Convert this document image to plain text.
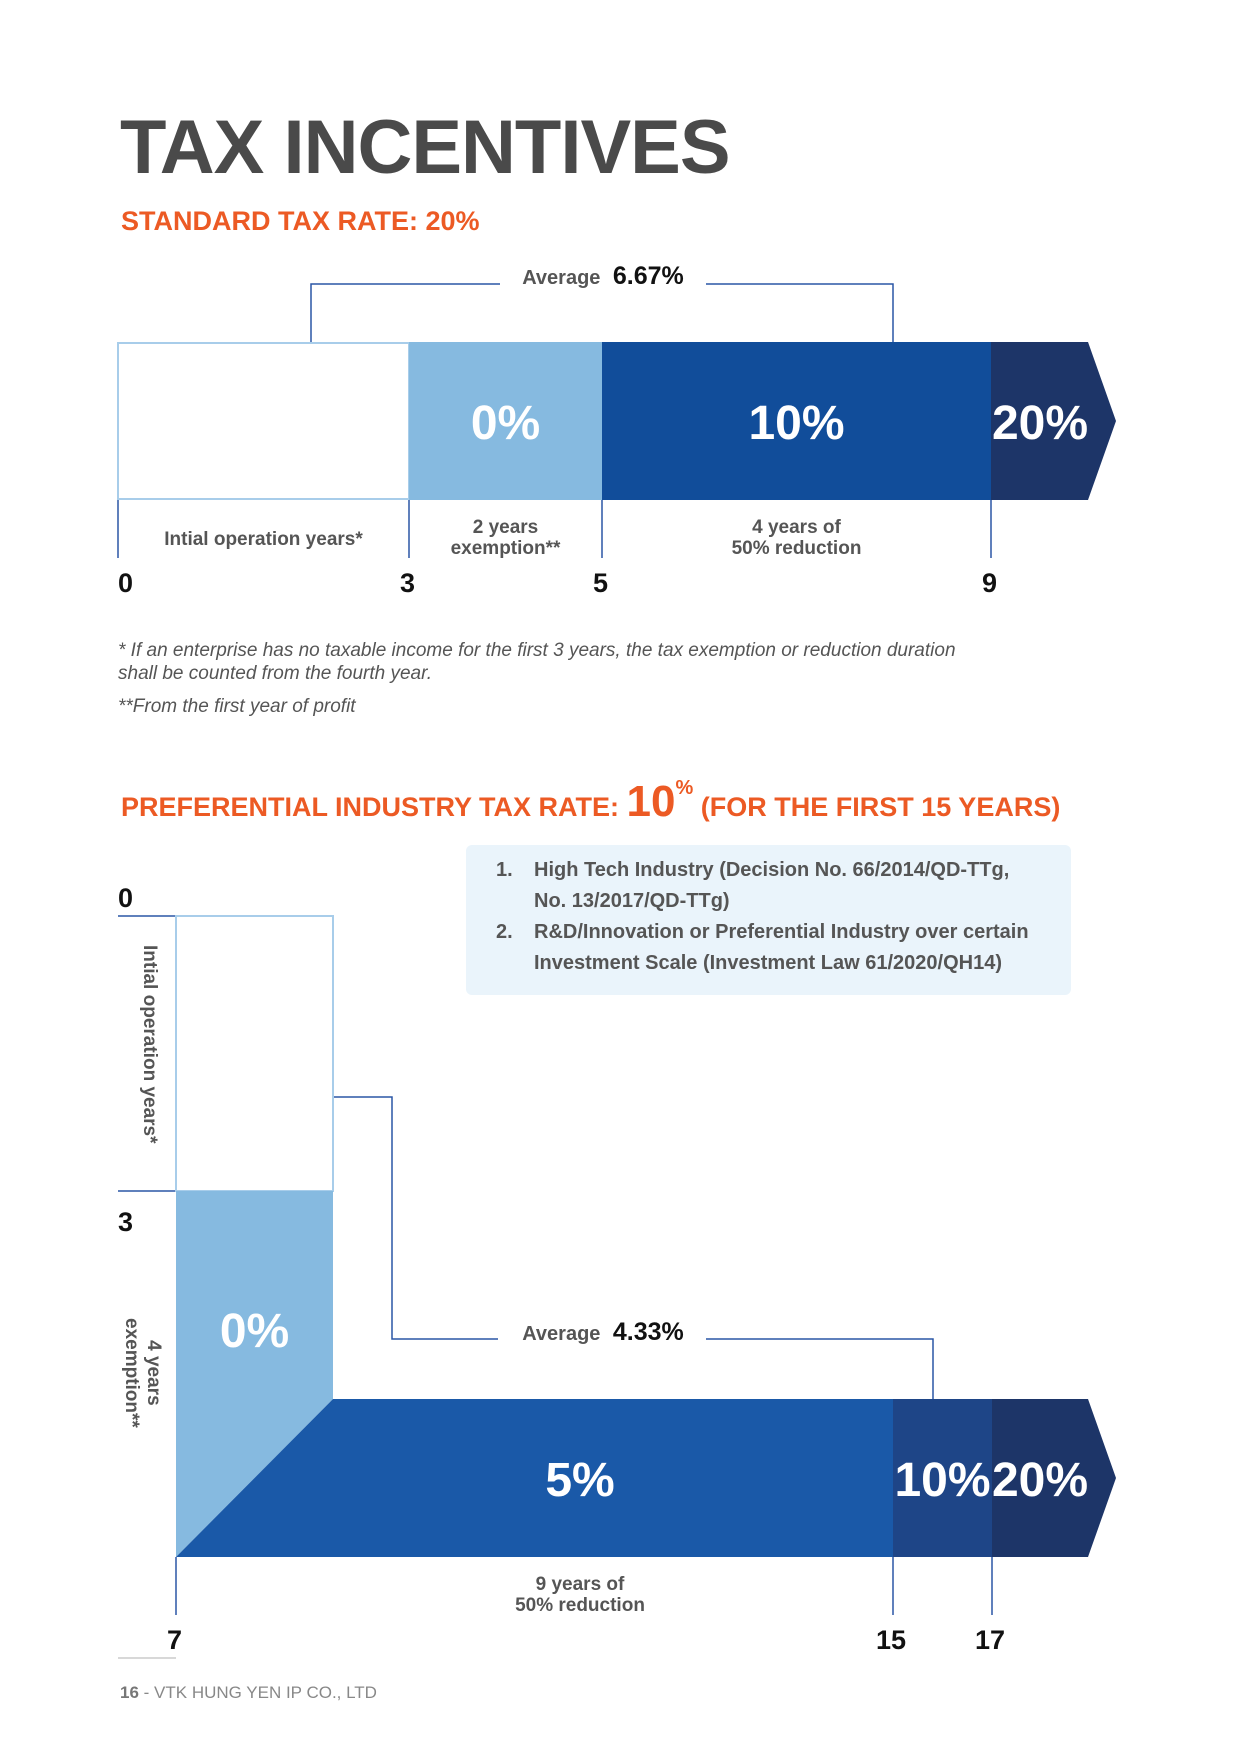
TAX INCENTIVES
STANDARD TAX RATE: 20%
Average 6.67%
0%	10%	20%
Intial operation years*
2 years
exemption**
4 years of
50% reduction
0	3	5	9
* If an enterprise has no taxable income for the first 3 years, the tax exemption or reduction duration
shall be counted from the fourth year.
**From the first year of profit
PREFERENTIAL INDUSTRY TAX RATE: 10% (FOR THE FIRST 15 YEARS)
1. High Tech Industry (Decision No. 66/2014/QD-TTg,
No. 13/2017/QD-TTg)
2. R&D/Innovation or Preferential Industry over certain
Investment Scale (Investment Law 61/2020/QH14)
0
3
Intial operation years*
4 years
exemption**	0%	Average 4.33%
5%	10% 20%
9 years of
50% reduction
7	15	17
16 - VTK HUNG YEN IP CO., LTD
